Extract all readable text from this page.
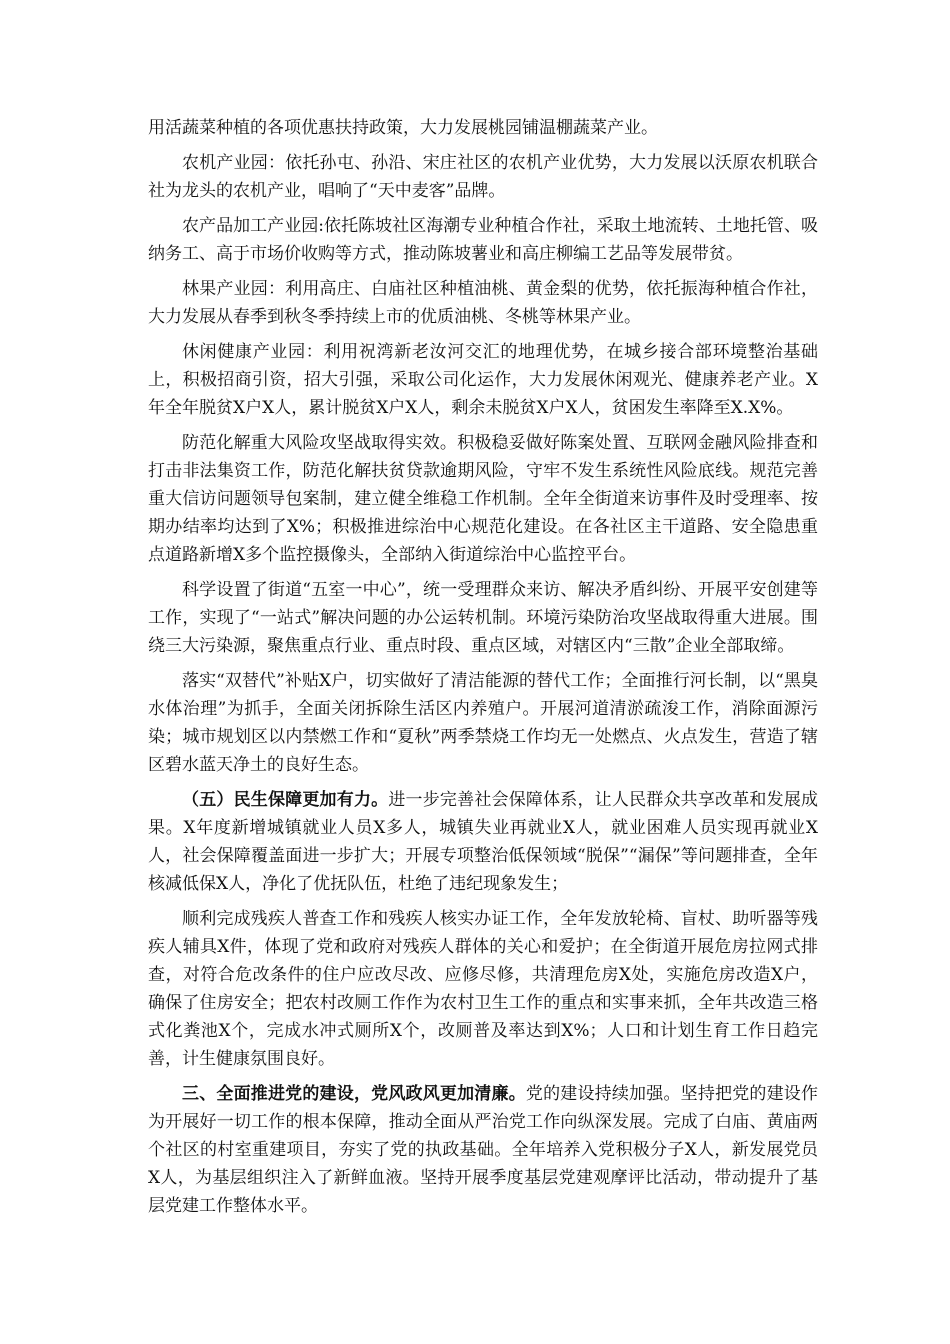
用活蔬菜种植的各项优惠扶持政策，大力发展桃园铺温棚蔬菜产业。

农机产业园：依托孙屯、孙沿、宋庄社区的农机产业优势，大力发展以沃原农机联合社为龙头的农机产业，唱响了“天中麦客”品牌。

农产品加工产业园:依托陈坡社区海潮专业种植合作社，采取土地流转、土地托管、吸纳务工、高于市场价收购等方式，推动陈坡薯业和高庄柳编工艺品等发展带贫。

林果产业园：利用高庄、白庙社区种植油桃、黄金梨的优势，依托振海种植合作社，大力发展从春季到秋冬季持续上市的优质油桃、冬桃等林果产业。

休闲健康产业园：利用祝湾新老汝河交汇的地理优势，在城乡接合部环境整治基础上，积极招商引资，招大引强，采取公司化运作，大力发展休闲观光、健康养老产业。X年全年脱贫X户X人，累计脱贫X户X人，剩余未脱贫X户X人，贫困发生率降至X.X%。

防范化解重大风险攻坚战取得实效。积极稳妥做好陈案处置、互联网金融风险排查和打击非法集资工作，防范化解扶贫贷款逾期风险，守牢不发生系统性风险底线。规范完善重大信访问题领导包案制，建立健全维稳工作机制。全年全街道来访事件及时受理率、按期办结率均达到了X%；积极推进综治中心规范化建设。在各社区主干道路、安全隐患重点道路新增X多个监控摄像头，全部纳入街道综治中心监控平台。

科学设置了街道“五室一中心”，统一受理群众来访、解决矛盾纠纷、开展平安创建等工作，实现了“一站式”解决问题的办公运转机制。环境污染防治攻坚战取得重大进展。围绕三大污染源，聚焦重点行业、重点时段、重点区域，对辖区内“三散”企业全部取缔。

落实“双替代”补贴X户，切实做好了清洁能源的替代工作；全面推行河长制，以“黑臭水体治理”为抓手，全面关闭拆除生活区内养殖户。开展河道清淤疏浚工作，消除面源污染；城市规划区以内禁燃工作和“夏秋”两季禁烧工作均无一处燃点、火点发生，营造了辖区碧水蓝天净土的良好生态。

（五）民生保障更加有力。进一步完善社会保障体系，让人民群众共享改革和发展成果。X年度新增城镇就业人员X多人，城镇失业再就业X人，就业困难人员实现再就业X人，社会保障覆盖面进一步扩大；开展专项整治低保领域“脱保”“漏保”等问题排查，全年核减低保X人，净化了优抚队伍，杜绝了违纪现象发生；

顺利完成残疾人普查工作和残疾人核实办证工作，全年发放轮椅、盲杖、助听器等残疾人辅具X件，体现了党和政府对残疾人群体的关心和爱护；在全街道开展危房拉网式排查，对符合危改条件的住户应改尽改、应修尽修，共清理危房X处，实施危房改造X户，确保了住房安全；把农村改厕工作作为农村卫生工作的重点和实事来抓，全年共改造三格式化粪池X个，完成水冲式厕所X个，改厕普及率达到X%；人口和计划生育工作日趋完善，计生健康氛围良好。

三、全面推进党的建设，党风政风更加清廉。党的建设持续加强。坚持把党的建设作为开展好一切工作的根本保障，推动全面从严治党工作向纵深发展。完成了白庙、黄庙两个社区的村室重建项目，夯实了党的执政基础。全年培养入党积极分子X人，新发展党员X人，为基层组织注入了新鲜血液。坚持开展季度基层党建观摩评比活动，带动提升了基层党建工作整体水平。
